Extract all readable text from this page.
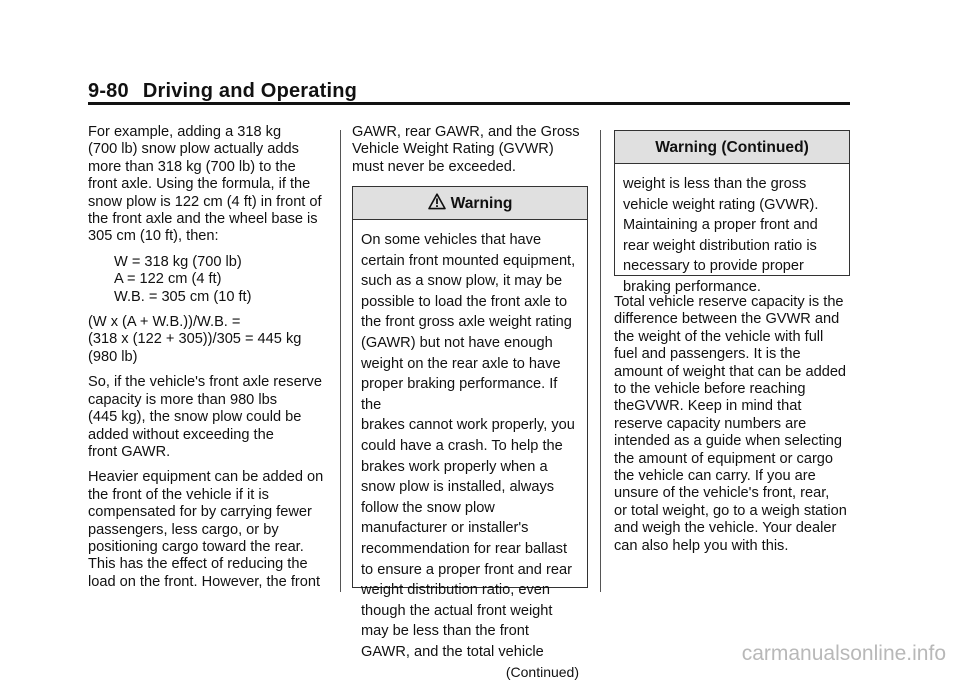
9-80 Driving and Operating

For example, adding a 318 kg
(700 lb) snow plow actually adds
more than 318 kg (700 lb) to the
front axle. Using the formula, if the
snow plow is 122 cm (4 ft) in front of
the front axle and the wheel base is
305 cm (10 ft), then:

W = 318 kg (700 lb)
A = 122 cm (4 ft)
W.B. = 305 cm (10 ft)

(W x (A + W.B.))/W.B. =
(318 x (122 + 305))/305 = 445 kg
(980 lb)

So, if the vehicle's front axle reserve
capacity is more than 980 lbs
(445 kg), the snow plow could be
added without exceeding the
front GAWR.

Heavier equipment can be added on
the front of the vehicle if it is
compensated for by carrying fewer
passengers, less cargo, or by
positioning cargo toward the rear.
This has the effect of reducing the
load on the front. However, the front

GAWR, rear GAWR, and the Gross
Vehicle Weight Rating (GVWR)
must never be exceeded.

Warning
On some vehicles that have
certain front mounted equipment,
such as a snow plow, it may be
possible to load the front axle to
the front gross axle weight rating
(GAWR) but not have enough
weight on the rear axle to have
proper braking performance. If the
brakes cannot work properly, you
could have a crash. To help the
brakes work properly when a
snow plow is installed, always
follow the snow plow
manufacturer or installer's
recommendation for rear ballast
to ensure a proper front and rear
weight distribution ratio, even
though the actual front weight
may be less than the front
GAWR, and the total vehicle
(Continued)
Warning (Continued)
weight is less than the gross
vehicle weight rating (GVWR).
Maintaining a proper front and
rear weight distribution ratio is
necessary to provide proper
braking performance.

Total vehicle reserve capacity is the
difference between the GVWR and
the weight of the vehicle with full
fuel and passengers. It is the
amount of weight that can be added
to the vehicle before reaching
theGVWR. Keep in mind that
reserve capacity numbers are
intended as a guide when selecting
the amount of equipment or cargo
the vehicle can carry. If you are
unsure of the vehicle's front, rear,
or total weight, go to a weigh station
and weigh the vehicle. Your dealer
can also help you with this.

carmanualsonline.info
